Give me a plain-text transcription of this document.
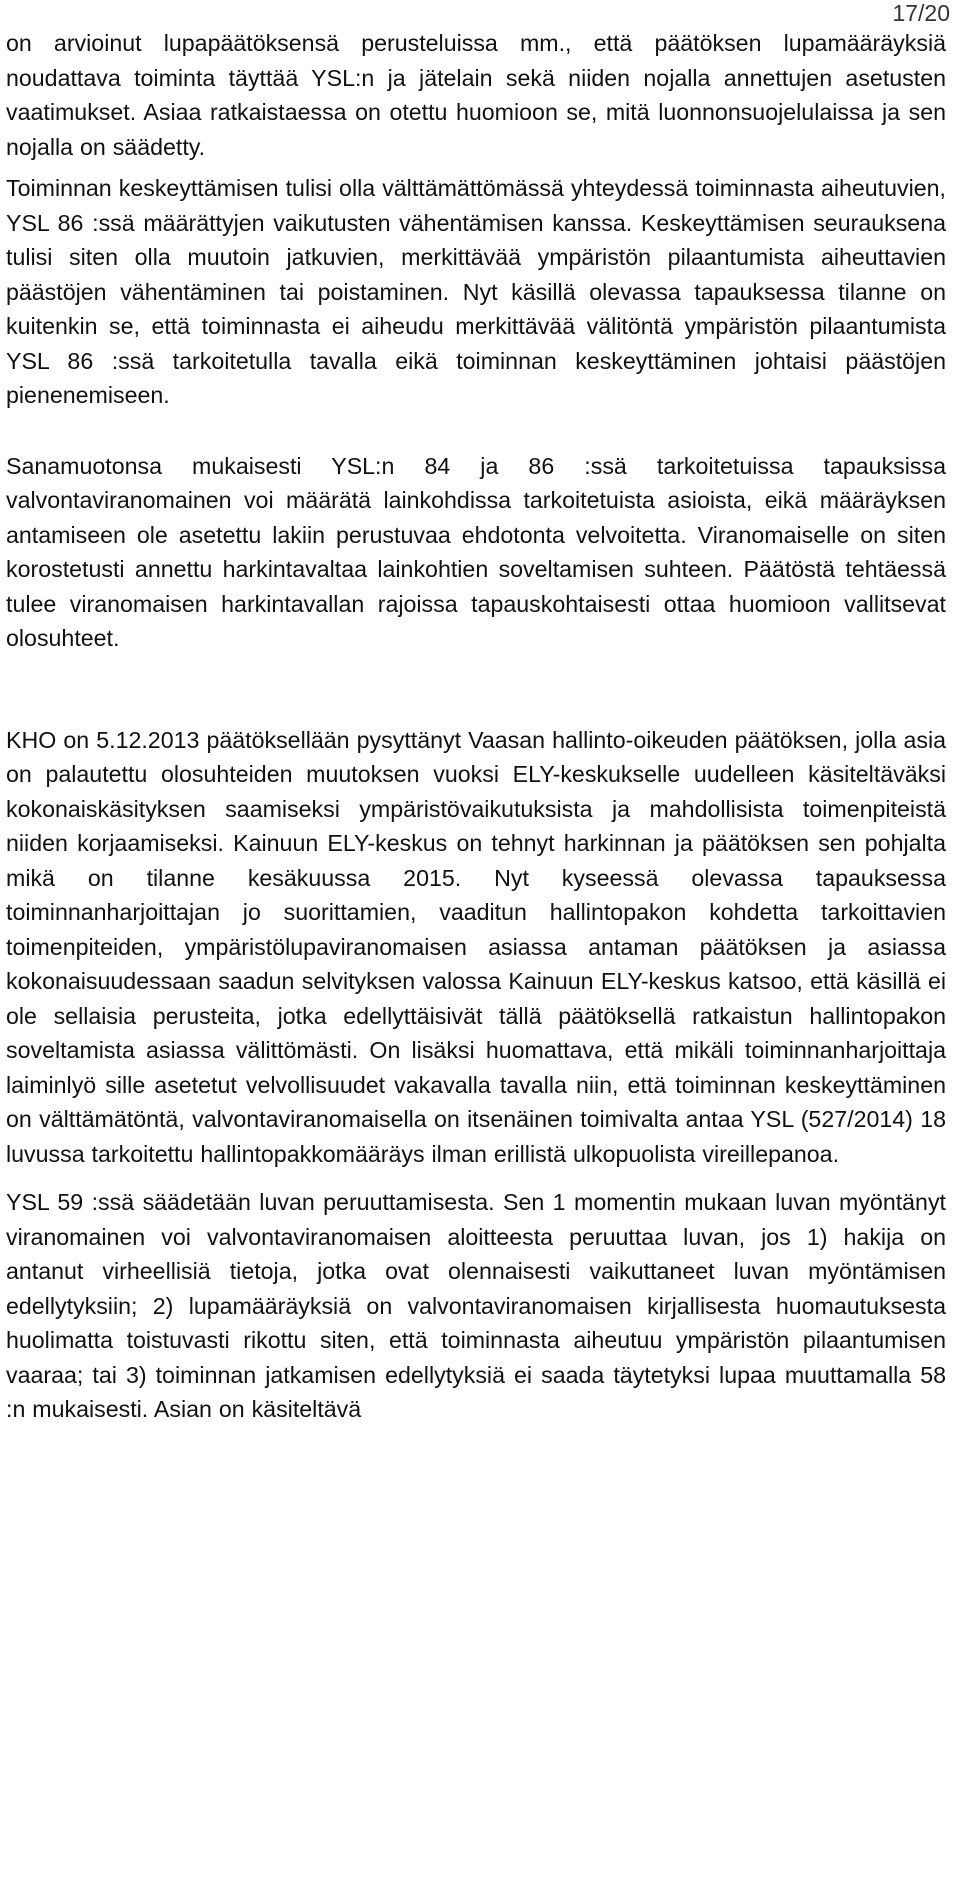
17/20

on arvioinut lupapäätöksensä perusteluissa mm., että päätöksen lupamääräyksiä noudattava toiminta täyttää YSL:n ja jätelain sekä niiden nojalla annettujen asetusten vaatimukset. Asiaa ratkaistaessa on otettu huomioon se, mitä luonnonsuojelulaissa ja sen nojalla on säädetty.

Toiminnan keskeyttämisen tulisi olla välttämättömässä yhteydessä toiminnasta aiheutuvien, YSL 86 :ssä määrättyjen vaikutusten vähentämisen kanssa. Keskeyttämisen seurauksena tulisi siten olla muutoin jatkuvien, merkittävää ympäristön pilaantumista aiheuttavien päästöjen vähentäminen tai poistaminen. Nyt käsillä olevassa tapauksessa tilanne on kuitenkin se, että toiminnasta ei aiheudu merkittävää välitöntä ympäristön pilaantumista YSL 86 :ssä tarkoitetulla tavalla eikä toiminnan keskeyttäminen johtaisi päästöjen pienenemiseen.

Sanamuotonsa mukaisesti YSL:n 84 ja 86 :ssä tarkoitetuissa tapauksissa valvontaviranomainen voi määrätä lainkohdissa tarkoitetuista asioista, eikä määräyksen antamiseen ole asetettu lakiin perustuvaa ehdotonta velvoitetta. Viranomaiselle on siten korostetusti annettu harkintavaltaa lainkohtien soveltamisen suhteen. Päätöstä tehtäessä tulee viranomaisen harkintavallan rajoissa tapauskohtaisesti ottaa huomioon vallitsevat olosuhteet.

KHO on 5.12.2013 päätöksellään pysyttänyt Vaasan hallinto-oikeuden päätöksen, jolla asia on palautettu olosuhteiden muutoksen vuoksi ELY-keskukselle uudelleen käsiteltäväksi kokonaiskäsityksen saamiseksi ympäristövaikutuksista ja mahdollisista toimenpiteistä niiden korjaamiseksi. Kainuun ELY-keskus on tehnyt harkinnan ja päätöksen sen pohjalta mikä on tilanne kesäkuussa 2015. Nyt kyseessä olevassa tapauksessa toiminnanharjoittajan jo suorittamien, vaaditun hallintopakon kohdetta tarkoittavien toimenpiteiden, ympäristölupaviranomaisen asiassa antaman päätöksen ja asiassa kokonaisuudessaan saadun selvityksen valossa Kainuun ELY-keskus katsoo, että käsillä ei ole sellaisia perusteita, jotka edellyttäisivät tällä päätöksellä ratkaistun hallintopakon soveltamista asiassa välittömästi. On lisäksi huomattava, että mikäli toiminnanharjoittaja laiminlyö sille asetetut velvollisuudet vakavalla tavalla niin, että toiminnan keskeyttäminen on välttämätöntä, valvontaviranomaisella on itsenäinen toimivalta antaa YSL (527/2014) 18 luvussa tarkoitettu hallintopakkomääräys ilman erillistä ulkopuolista vireillepanoa.

YSL 59 :ssä säädetään luvan peruuttamisesta. Sen 1 momentin mukaan luvan myöntänyt viranomainen voi valvontaviranomaisen aloitteesta peruuttaa luvan, jos 1) hakija on antanut virheellisiä tietoja, jotka ovat olennaisesti vaikuttaneet luvan myöntämisen edellytyksiin; 2) lupamääräyksiä on valvontaviranomaisen kirjallisesta huomautuksesta huolimatta toistuvasti rikottu siten, että toiminnasta aiheutuu ympäristön pilaantumisen vaaraa; tai 3) toiminnan jatkamisen edellytyksiä ei saada täytetyksi lupaa muuttamalla 58 :n mukaisesti. Asian on käsiteltävä
